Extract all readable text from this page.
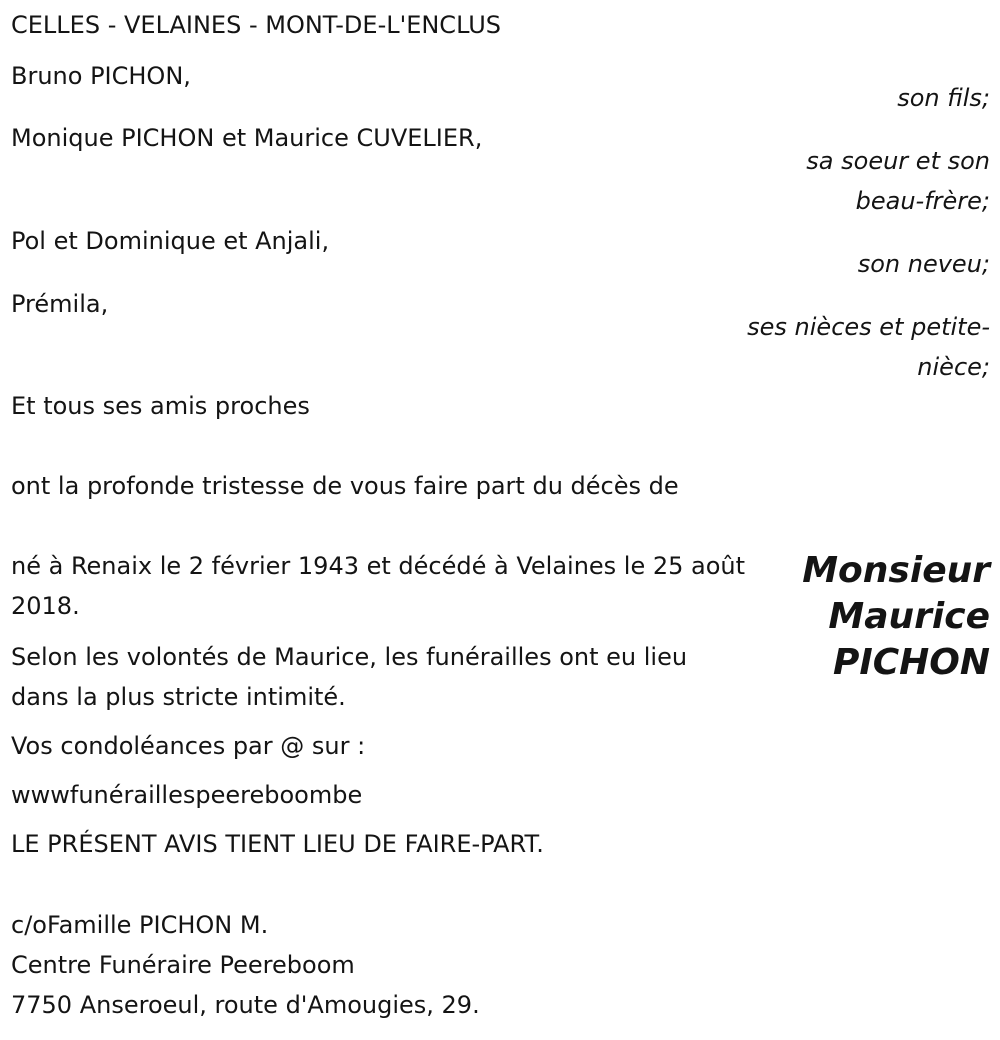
CELLES - VELAINES - MONT-DE-L'ENCLUS
Bruno PICHON,
son fils;
Monique PICHON et Maurice CUVELIER,
sa soeur et son
beau-frère;
Pol et Dominique et Anjali,
son neveu;
Prémila,
ses nièces et petite-
nièce;
Et tous ses amis proches
ont la profonde tristesse de vous faire part du décès de
Monsieur
Maurice
PICHON
né à Renaix le 2 février 1943 et décédé à Velaines le 25 août 2018.
Selon les volontés de Maurice, les funérailles ont eu lieu dans la plus stricte intimité.
Vos condoléances par @ sur :
wwwfunéraillespeereboombe
LE PRÉSENT AVIS TIENT LIEU DE FAIRE-PART.
c/oFamille PICHON M.
Centre Funéraire Peereboom
7750 Anseroeul, route d'Amougies, 29.
